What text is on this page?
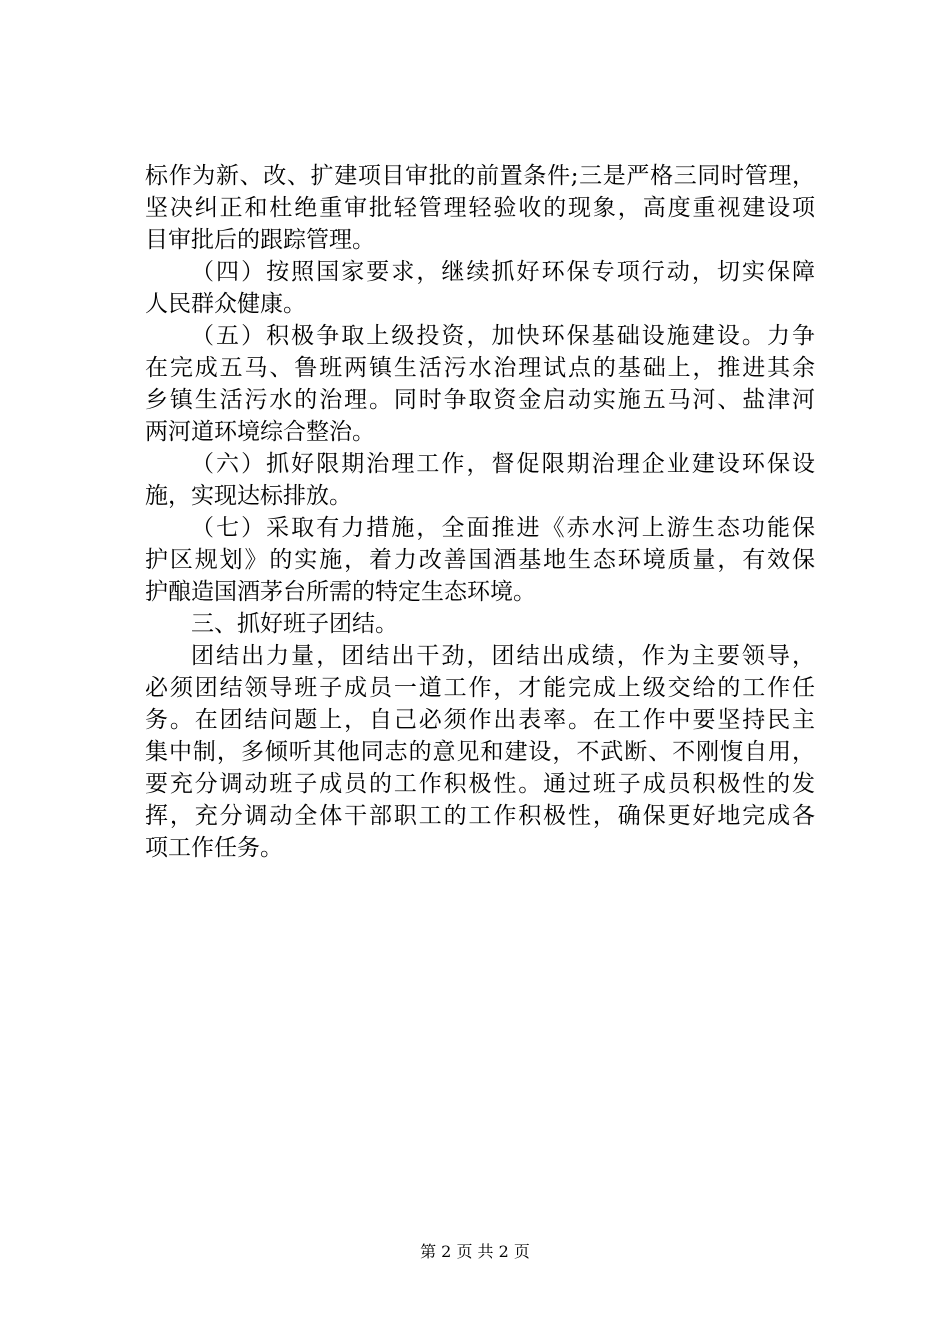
标作为新、改、扩建项目审批的前置条件;三是严格三同时管理，
坚决纠正和杜绝重审批轻管理轻验收的现象，高度重视建设项
目审批后的跟踪管理。
（四）按照国家要求，继续抓好环保专项行动，切实保障
人民群众健康。
（五）积极争取上级投资，加快环保基础设施建设。力争
在完成五马、鲁班两镇生活污水治理试点的基础上，推进其余
乡镇生活污水的治理。同时争取资金启动实施五马河、盐津河
两河道环境综合整治。
（六）抓好限期治理工作，督促限期治理企业建设环保设
施，实现达标排放。
（七）采取有力措施，全面推进《赤水河上游生态功能保
护区规划》的实施，着力改善国酒基地生态环境质量，有效保
护酿造国酒茅台所需的特定生态环境。
三、抓好班子团结。
团结出力量，团结出干劲，团结出成绩，作为主要领导，
必须团结领导班子成员一道工作，才能完成上级交给的工作任
务。在团结问题上，自己必须作出表率。在工作中要坚持民主
集中制，多倾听其他同志的意见和建设，不武断、不刚愎自用，
要充分调动班子成员的工作积极性。通过班子成员积极性的发
挥，充分调动全体干部职工的工作积极性，确保更好地完成各
项工作任务。
第 2 页 共 2 页
